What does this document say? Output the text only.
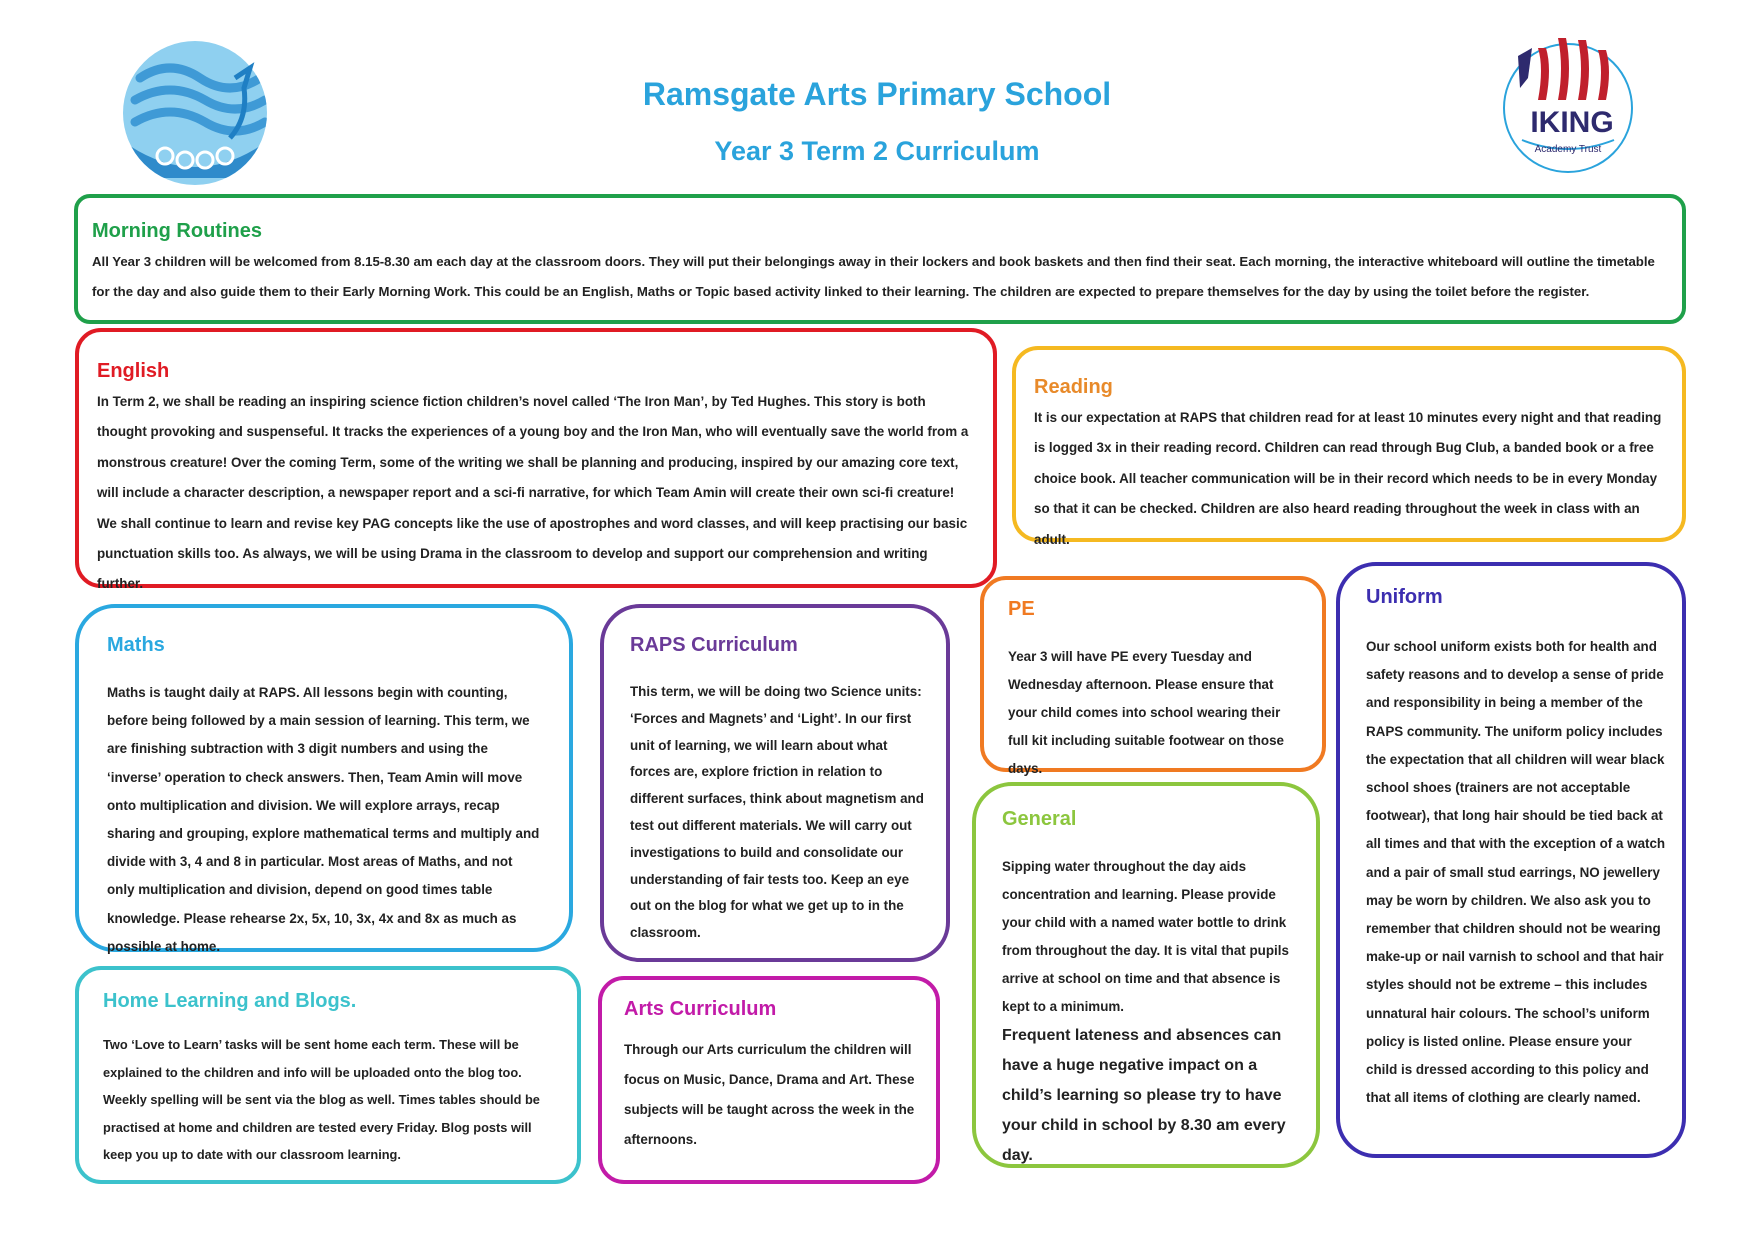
IKING
Academy Trust
Ramsgate Arts Primary School
Year 3 Term 2 Curriculum
Morning Routines

All Year 3 children will be welcomed from 8.15-8.30 am each day at the classroom doors. They will put their belongings away in their lockers and book baskets and then find their seat. Each morning, the interactive whiteboard will outline the timetable for the day and also guide them to their Early Morning Work. This could be an English, Maths or Topic based activity linked to their learning. The children are expected to prepare themselves for the day by using the toilet before the register.

English

In Term 2, we shall be reading an inspiring science fiction children’s novel called ‘The Iron Man’, by Ted Hughes. This story is both thought provoking and suspenseful. It tracks the experiences of a young boy and the Iron Man, who will eventually save the world from a monstrous creature! Over the coming Term, some of the writing we shall be planning and producing, inspired by our amazing core text, will include a character description, a newspaper report and a sci-fi narrative, for which Team Amin will create their own sci-fi creature! We shall continue to learn and revise key PAG concepts like the use of apostrophes and word classes, and will keep practising our basic punctuation skills too. As always, we will be using Drama in the classroom to develop and support our comprehension and writing further.

Reading

It is our expectation at RAPS that children read for at least 10 minutes every night and that reading is logged 3x in their reading record. Children can read through Bug Club, a banded book or a free choice book. All teacher communication will be in their record which needs to be in every Monday so that it can be checked. Children are also heard reading throughout the week in class with an adult.

Maths

Maths is taught daily at RAPS. All lessons begin with counting, before being followed by a main session of learning. This term, we are finishing subtraction with 3 digit numbers and using the ‘inverse’ operation to check answers. Then, Team Amin will move onto multiplication and division. We will explore arrays, recap sharing and grouping, explore mathematical terms and multiply and divide with 3, 4 and 8 in particular. Most areas of Maths, and not only multiplication and division, depend on good times table knowledge. Please rehearse 2x, 5x, 10, 3x, 4x and 8x as much as possible at home.

RAPS Curriculum

This term, we will be doing two Science units: ‘Forces and Magnets’ and ‘Light’. In our first unit of learning, we will learn about what forces are, explore friction in relation to different surfaces, think about magnetism and test out different materials. We will carry out investigations to build and consolidate our understanding of fair tests too. Keep an eye out on the blog for what we get up to in the classroom.

PE

Year 3 will have PE every Tuesday and Wednesday afternoon. Please ensure that your child comes into school wearing their full kit including suitable footwear on those days.

Uniform

Our school uniform exists both for health and safety reasons and to develop a sense of pride and responsibility in being a member of the RAPS community. The uniform policy includes the expectation that all children will wear black school shoes (trainers are not acceptable footwear), that long hair should be tied back at all times and that with the exception of a watch and a pair of small stud earrings, NO jewellery may be worn by children. We also ask you to remember that children should not be wearing make-up or nail varnish to school and that hair styles should not be extreme – this includes unnatural hair colours. The school’s uniform policy is listed online. Please ensure your child is dressed according to this policy and that all items of clothing are clearly named.

General

Sipping water throughout the day aids concentration and learning. Please provide your child with a named water bottle to drink from throughout the day. It is vital that pupils arrive at school on time and that absence is kept to a minimum.

Frequent lateness and absences can have a huge negative impact on a child’s learning so please try to have your child in school by 8.30 am every day.

Home Learning and Blogs.

Two ‘Love to Learn’ tasks will be sent home each term. These will be explained to the children and info will be uploaded onto the blog too. Weekly spelling will be sent via the blog as well. Times tables should be practised at home and children are tested every Friday. Blog posts will keep you up to date with our classroom learning.

Arts Curriculum

Through our Arts curriculum the children will focus on Music, Dance, Drama and Art. These subjects will be taught across the week in the afternoons.
